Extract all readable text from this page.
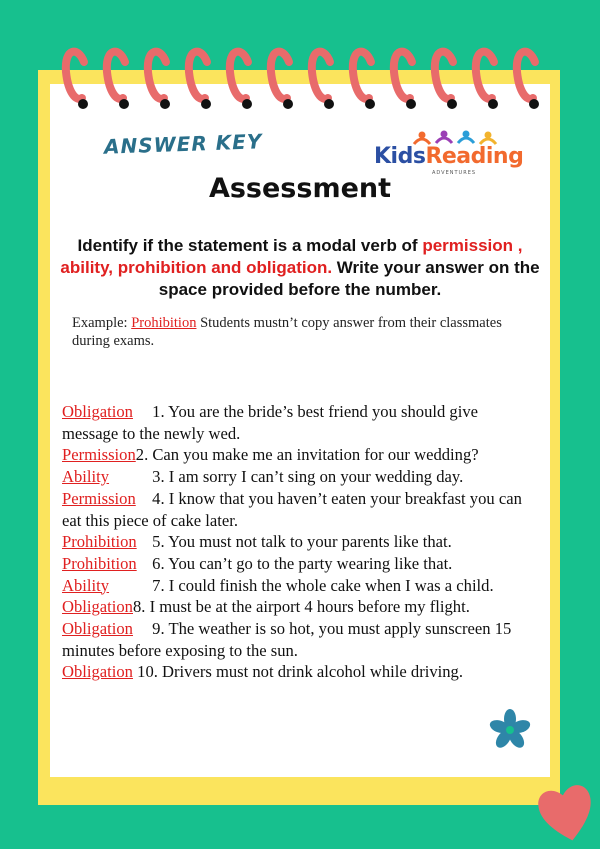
ANSWER KEY	KidsReading
ADVENTURES
Assessment
Identify if the statement is a modal verb of permission , ability, prohibition and obligation. Write your answer on the space provided before the number.
Example: Prohibition Students mustn’t copy answer from their classmates during exams.

Obligation 1. You are the bride’s best friend you should give message to the newly wed.

Permission2. Can you make me an invitation for our wedding?

Ability	3. I am sorry I can’t sing on your wedding day.

Permission 4. I know that you haven’t eaten your breakfast you can eat this piece of cake later.

Prohibition 5. You must not talk to your parents like that.

Prohibition 6. You can’t go to the party wearing like that.

Ability	7. I could finish the whole cake when I was a child.

Obligation8. I must be at the airport 4 hours before my flight.

Obligation 9. The weather is so hot, you must apply sunscreen 15 minutes before exposing to the sun.

Obligation 10. Drivers must not drink alcohol while driving.
